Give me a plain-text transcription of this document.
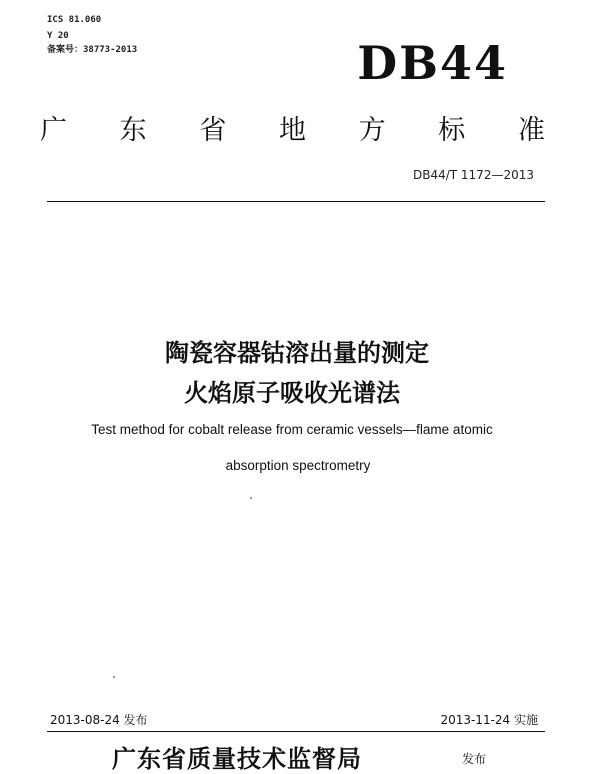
ICS 81.060
Y 20
备案号：38773-2013	DB44
广 东 省 地 方 标 准
DB44/T 1172—2013
陶瓷容器钴溶出量的测定
火焰原子吸收光谱法
Test method for cobalt release from ceramic vessels—flame atomic
absorption spectrometry
2013-08-24 发布	2013-11-24 实施
广东省质量技术监督局	发布
